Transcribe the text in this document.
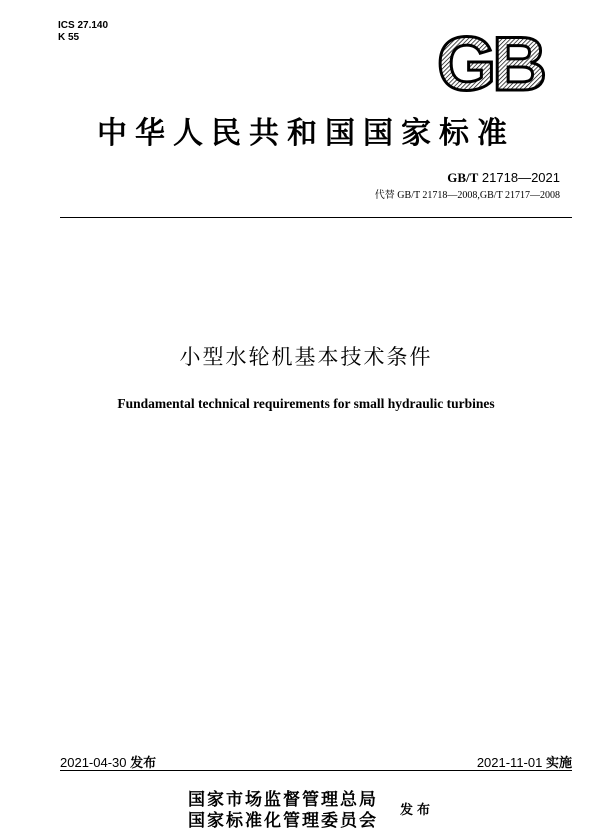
ICS 27.140
K 55	GB
中华人民共和国国家标准
GB/T 21718—2021
代替 GB/T 21718—2008,GB/T 21717—2008
小型水轮机基本技术条件
Fundamental technical requirements for small hydraulic turbines
2021-04-30 发布	2021-11-01 实施
国家市场监督管理总局
国家标准化管理委员会
发布
